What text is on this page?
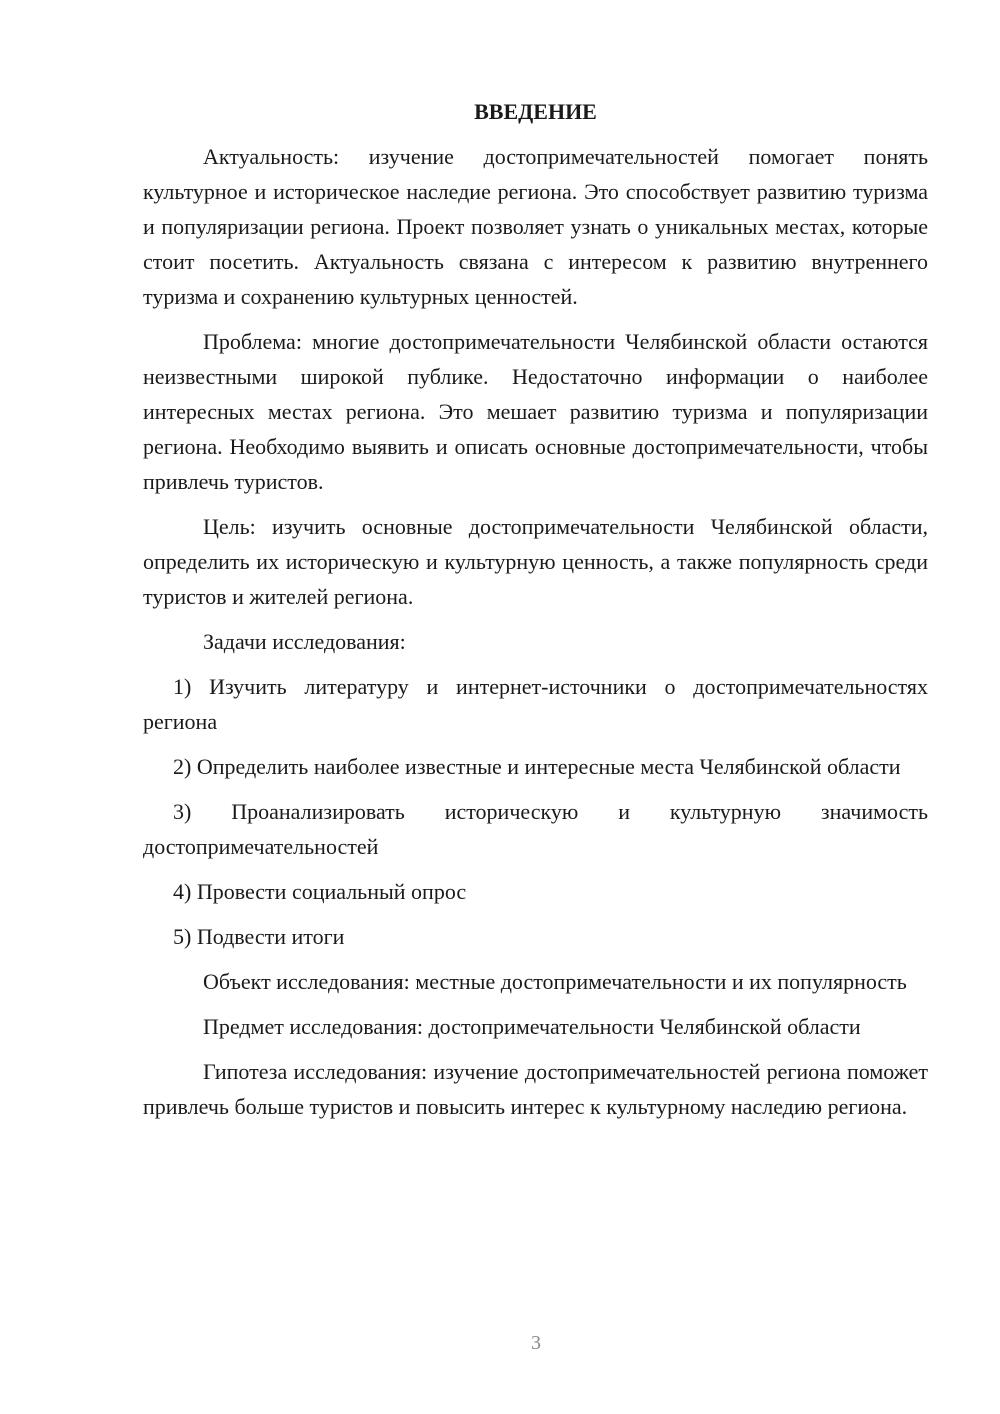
ВВЕДЕНИЕ

Актуальность: изучение достопримечательностей помогает понять культурное и историческое наследие региона. Это способствует развитию туризма и популяризации региона. Проект позволяет узнать о уникальных местах, которые стоит посетить. Актуальность связана с интересом к развитию внутреннего туризма и сохранению культурных ценностей.

Проблема: многие достопримечательности Челябинской области остаются неизвестными широкой публике. Недостаточно информации о наиболее интересных местах региона. Это мешает развитию туризма и популяризации региона. Необходимо выявить и описать основные достопримечательности, чтобы привлечь туристов.

Цель: изучить основные достопримечательности Челябинской области, определить их историческую и культурную ценность, а также популярность среди туристов и жителей региона.

Задачи исследования:

1) Изучить литературу и интернет-источники о достопримечательностях региона

2) Определить наиболее известные и интересные места Челябинской области

3) Проанализировать историческую и культурную значимость достопримечательностей

4) Провести социальный опрос

5) Подвести итоги

Объект исследования: местные достопримечательности и их популярность

Предмет исследования: достопримечательности Челябинской области

Гипотеза исследования: изучение достопримечательностей региона поможет привлечь больше туристов и повысить интерес к культурному наследию региона.

3
